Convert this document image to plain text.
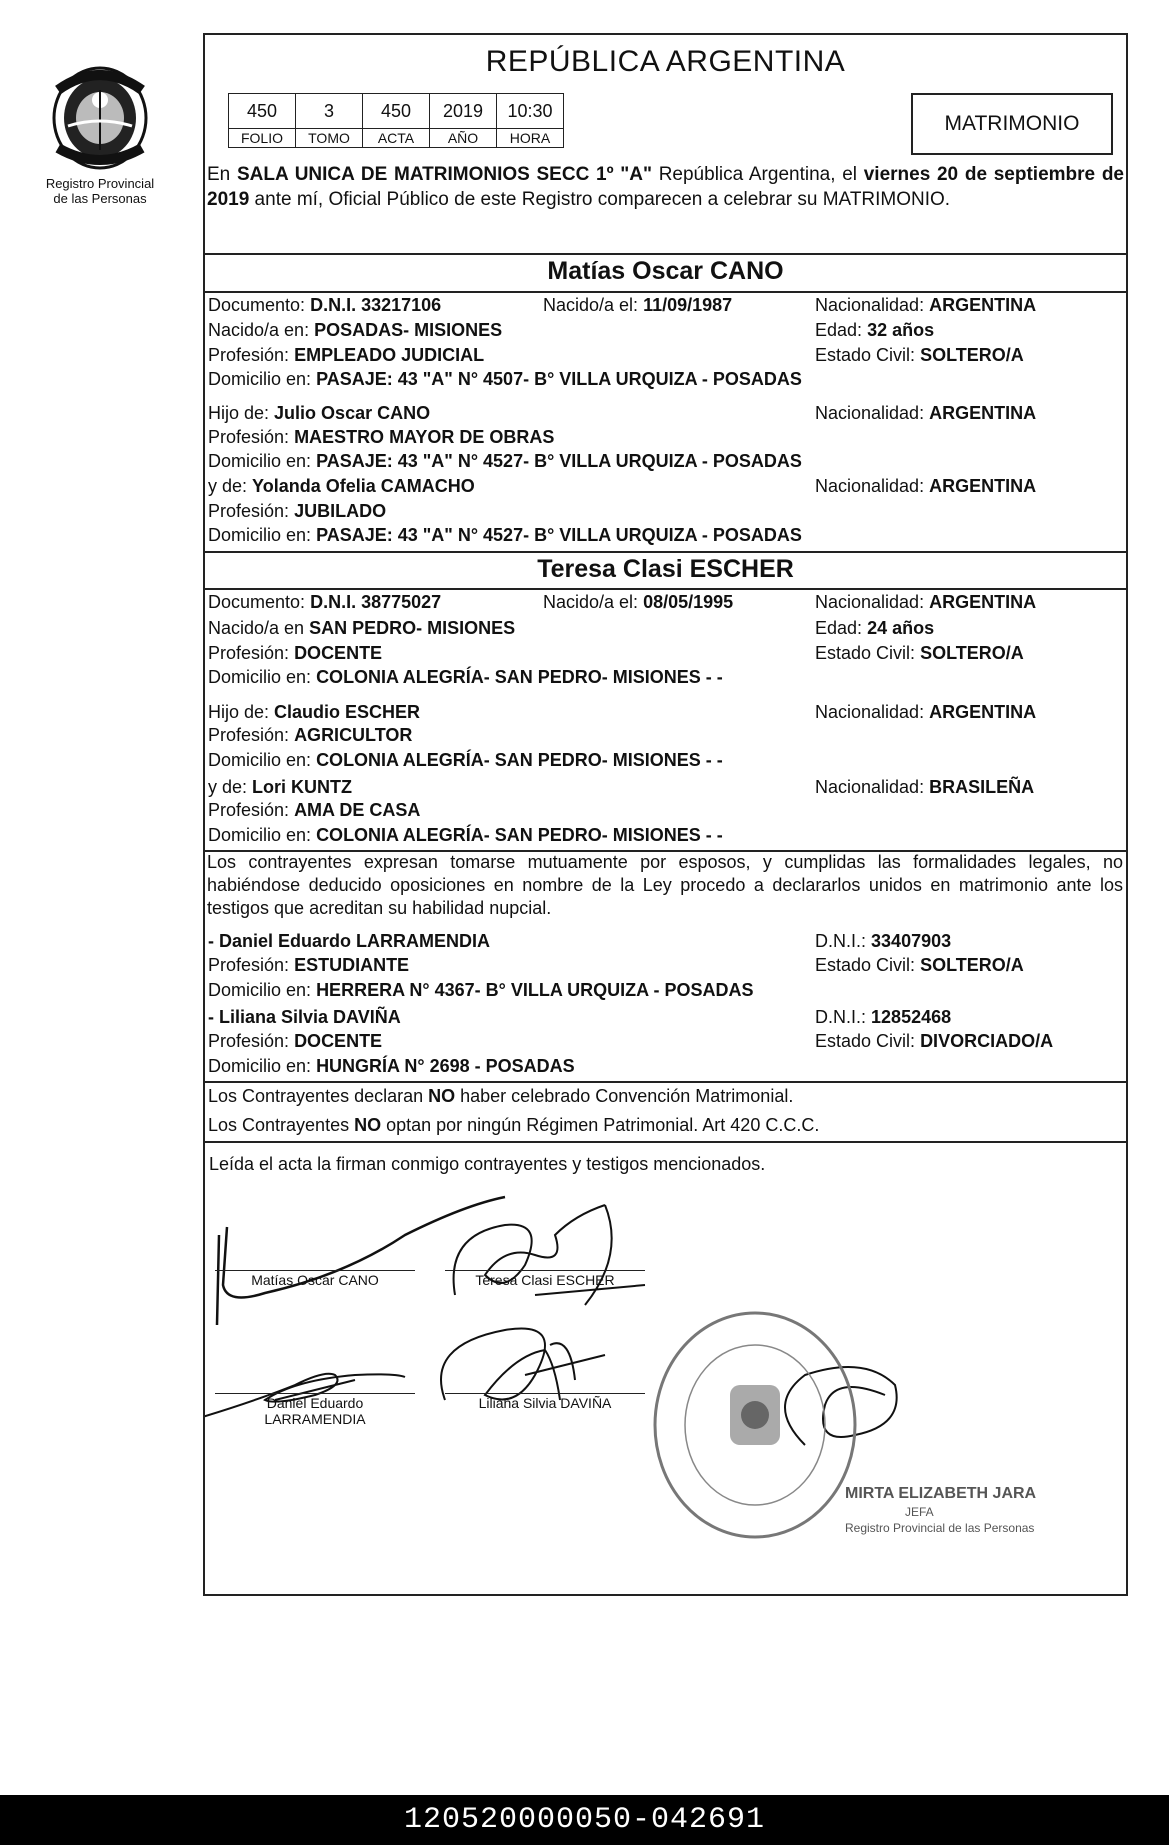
Registro Provincial
de las Personas
REPÚBLICA ARGENTINA
450	3	450	2019	10:30
FOLIO	TOMO	ACTA	AÑO	HORA
MATRIMONIO
En SALA UNICA DE MATRIMONIOS SECC 1º "A" República Argentina, el viernes 20 de septiembre de 2019 ante mí, Oficial Público de este Registro comparecen a celebrar su MATRIMONIO.
Matías Oscar CANO
Documento: D.N.I. 33217106	Nacido/a el: 11/09/1987	Nacionalidad: ARGENTINA
Nacido/a en: POSADAS- MISIONES	Edad: 32 años
Profesión: EMPLEADO JUDICIAL	Estado Civil: SOLTERO/A
Domicilio en: PASAJE: 43 "A" N° 4507- B° VILLA URQUIZA - POSADAS
Hijo de: Julio Oscar CANO	Nacionalidad: ARGENTINA
Profesión: MAESTRO MAYOR DE OBRAS
Domicilio en: PASAJE: 43 "A" N° 4527- B° VILLA URQUIZA - POSADAS
y de: Yolanda Ofelia CAMACHO	Nacionalidad: ARGENTINA
Profesión: JUBILADO
Domicilio en: PASAJE: 43 "A" N° 4527- B° VILLA URQUIZA - POSADAS
Teresa Clasi ESCHER
Documento: D.N.I. 38775027	Nacido/a el: 08/05/1995	Nacionalidad: ARGENTINA
Nacido/a en SAN PEDRO- MISIONES	Edad: 24 años
Profesión: DOCENTE	Estado Civil: SOLTERO/A
Domicilio en: COLONIA ALEGRÍA- SAN PEDRO- MISIONES - -
Hijo de: Claudio ESCHER	Nacionalidad: ARGENTINA
Profesión: AGRICULTOR
Domicilio en: COLONIA ALEGRÍA- SAN PEDRO- MISIONES - -
y de: Lori KUNTZ	Nacionalidad: BRASILEÑA
Profesión: AMA DE CASA
Domicilio en: COLONIA ALEGRÍA- SAN PEDRO- MISIONES - -
Los contrayentes expresan tomarse mutuamente por esposos, y cumplidas las formalidades legales, no habiéndose deducido oposiciones en nombre de la Ley procedo a declararlos unidos en matrimonio ante los testigos que acreditan su habilidad nupcial.
- Daniel Eduardo LARRAMENDIA	D.N.I.: 33407903
Profesión: ESTUDIANTE	Estado Civil: SOLTERO/A
Domicilio en: HERRERA N° 4367- B° VILLA URQUIZA - POSADAS
- Liliana Silvia DAVIÑA	D.N.I.: 12852468
Profesión: DOCENTE	Estado Civil: DIVORCIADO/A
Domicilio en: HUNGRÍA N° 2698 - POSADAS
Los Contrayentes declaran NO haber celebrado Convención Matrimonial.
Los Contrayentes NO optan por ningún Régimen Patrimonial. Art 420 C.C.C.
Leída el acta la firman conmigo contrayentes y testigos mencionados.
Matías Oscar CANO	Teresa Clasi ESCHER
Daniel Eduardo
LARRAMENDIA
Liliana Silvia DAVIÑA
MIRTA ELIZABETH JARA
JEFA
Registro Provincial de las Personas
120520000050-042691
